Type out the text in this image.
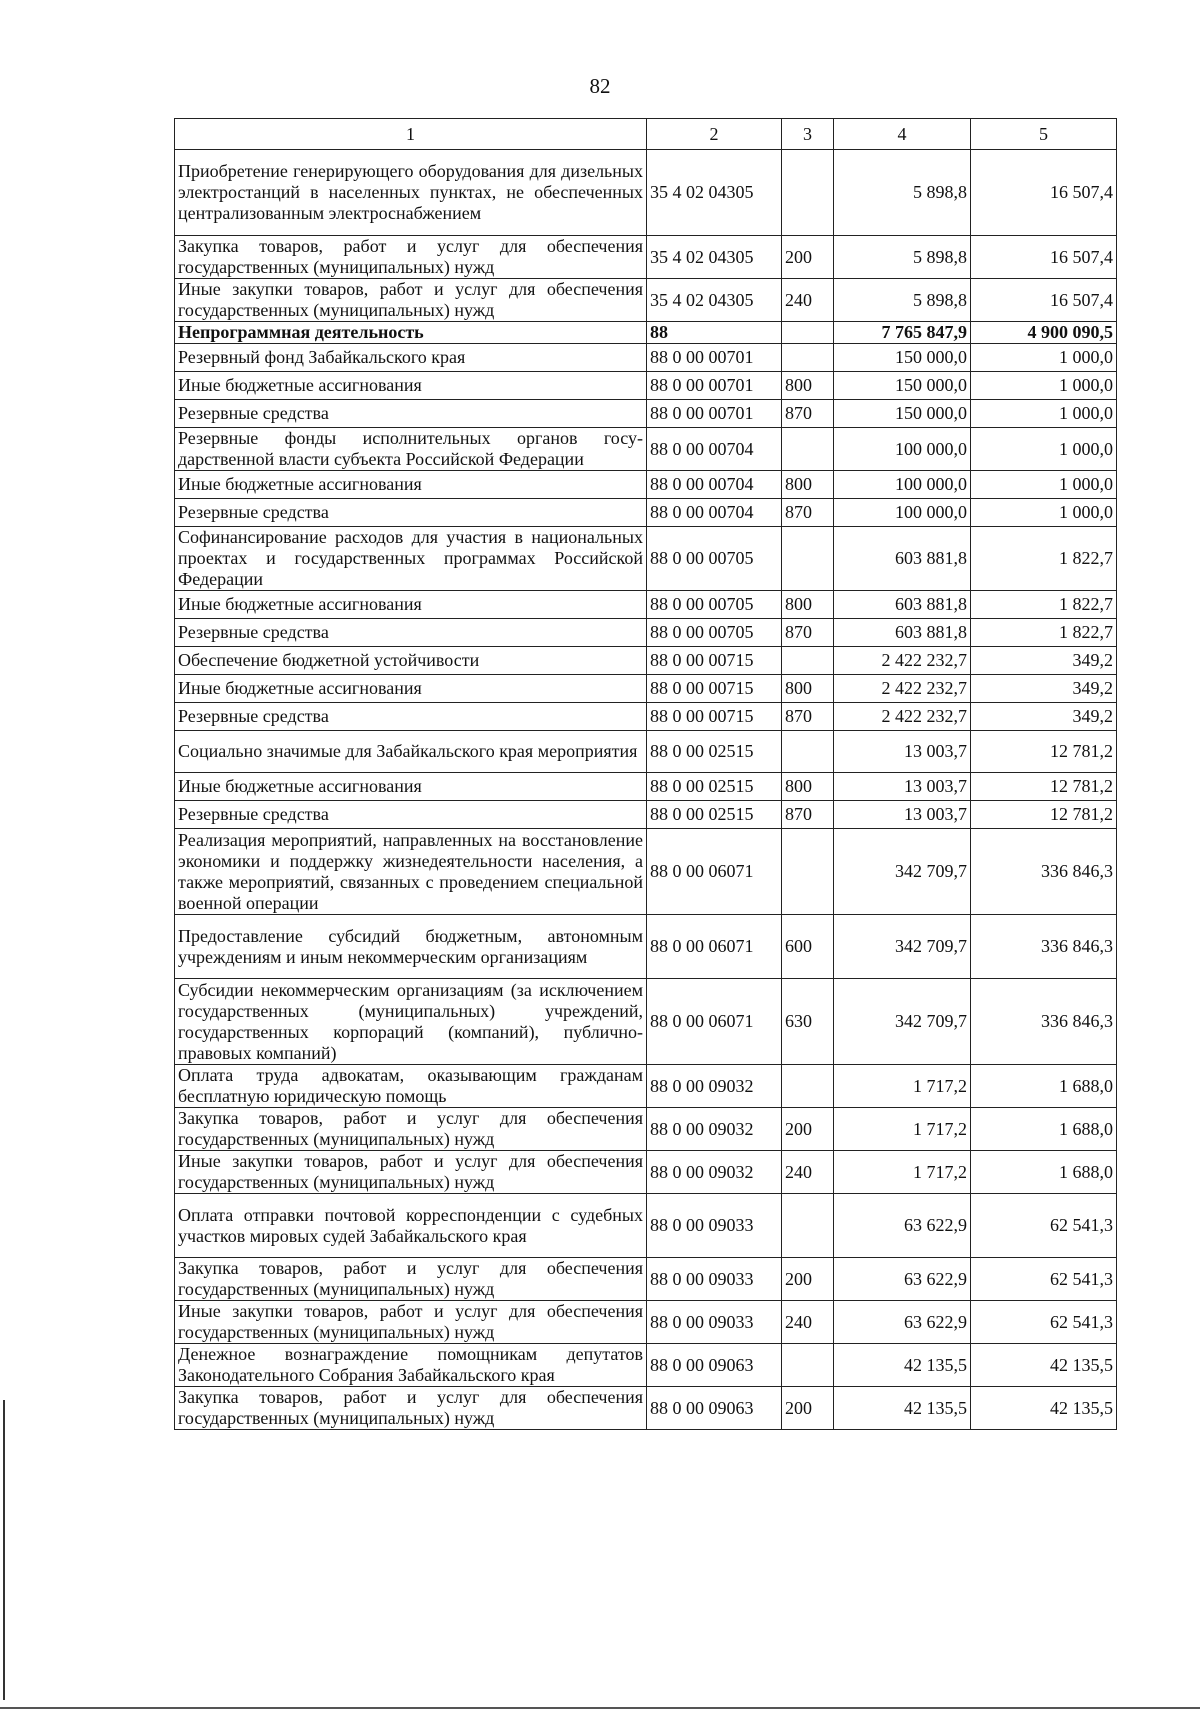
82
1	2	3	4	5
Приобретение генерирующего оборудования для дизельных электростанций в населенных пунктах, не обеспеченных централизованным электроснабжением	35 4 02 04305		5 898,8	16 507,4
Закупка товаров, работ и услуг для обеспечения государственных (муниципальных) нужд	35 4 02 04305	200	5 898,8	16 507,4
Иные закупки товаров, работ и услуг для обеспечения государственных (муниципальных) нужд	35 4 02 04305	240	5 898,8	16 507,4
Непрограммная деятельность	88		7 765 847,9	4 900 090,5
Резервный фонд Забайкальского края	88 0 00 00701		150 000,0	1 000,0
Иные бюджетные ассигнования	88 0 00 00701	800	150 000,0	1 000,0
Резервные средства	88 0 00 00701	870	150 000,0	1 000,0
Резервные фонды исполнительных органов государственной власти субъекта Российской Федерации	88 0 00 00704		100 000,0	1 000,0
Иные бюджетные ассигнования	88 0 00 00704	800	100 000,0	1 000,0
Резервные средства	88 0 00 00704	870	100 000,0	1 000,0
Софинансирование расходов для участия в национальных проектах и государственных программах Российской Федерации	88 0 00 00705		603 881,8	1 822,7
Иные бюджетные ассигнования	88 0 00 00705	800	603 881,8	1 822,7
Резервные средства	88 0 00 00705	870	603 881,8	1 822,7
Обеспечение бюджетной устойчивости	88 0 00 00715		2 422 232,7	349,2
Иные бюджетные ассигнования	88 0 00 00715	800	2 422 232,7	349,2
Резервные средства	88 0 00 00715	870	2 422 232,7	349,2
Социально значимые для Забайкальского края мероприятия	88 0 00 02515		13 003,7	12 781,2
Иные бюджетные ассигнования	88 0 00 02515	800	13 003,7	12 781,2
Резервные средства	88 0 00 02515	870	13 003,7	12 781,2
Реализация мероприятий, направленных на восстановление экономики и поддержку жизнедеятельности населения, а также мероприятий, связанных с проведением специальной военной операции	88 0 00 06071		342 709,7	336 846,3
Предоставление субсидий бюджетным, автономным учреждениям и иным некоммерческим организациям	88 0 00 06071	600	342 709,7	336 846,3
Субсидии некоммерческим организациям (за исключением государственных (муниципальных) учреждений, государственных корпораций (компаний), публично-правовых компаний)	88 0 00 06071	630	342 709,7	336 846,3
Оплата труда адвокатам, оказывающим гражданам бесплатную юридическую помощь	88 0 00 09032		1 717,2	1 688,0
Закупка товаров, работ и услуг для обеспечения государственных (муниципальных) нужд	88 0 00 09032	200	1 717,2	1 688,0
Иные закупки товаров, работ и услуг для обеспечения государственных (муниципальных) нужд	88 0 00 09032	240	1 717,2	1 688,0
Оплата отправки почтовой корреспонденции с судебных участков мировых судей Забайкальского края	88 0 00 09033		63 622,9	62 541,3
Закупка товаров, работ и услуг для обеспечения государственных (муниципальных) нужд	88 0 00 09033	200	63 622,9	62 541,3
Иные закупки товаров, работ и услуг для обеспечения государственных (муниципальных) нужд	88 0 00 09033	240	63 622,9	62 541,3
Денежное вознаграждение помощникам депутатов Законодательного Собрания Забайкальского края	88 0 00 09063		42 135,5	42 135,5
Закупка товаров, работ и услуг для обеспечения государственных (муниципальных) нужд	88 0 00 09063	200	42 135,5	42 135,5
